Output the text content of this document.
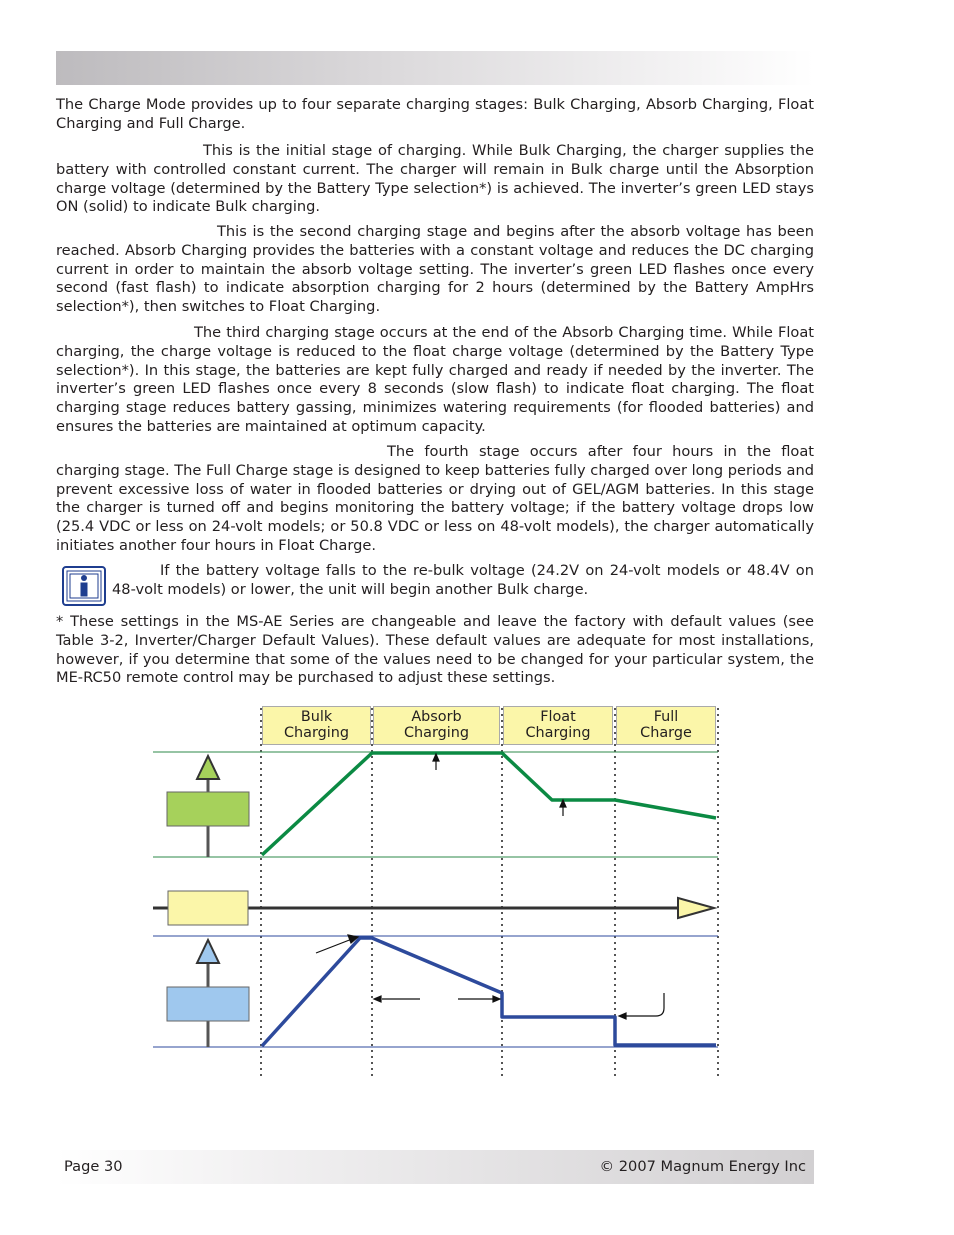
The Charge Mode provides up to four separate charging stages: Bulk Charging, Absorb Charging, Float Charging and Full Charge.

This is the initial stage of charging. While Bulk Charging, the charger supplies the battery with controlled constant current. The charger will remain in Bulk charge until the Absorption charge voltage (determined by the Battery Type selection*) is achieved. The inverter’s green LED stays ON (solid) to indicate Bulk charging.

This is the second charging stage and begins after the absorb voltage has been reached. Absorb Charging provides the batteries with a constant voltage and reduces the DC charging current in order to maintain the absorb voltage setting. The inverter’s green LED flashes once every second (fast flash) to indicate absorption charging for 2 hours (determined by the Battery AmpHrs selection*), then switches to Float Charging.

The third charging stage occurs at the end of the Absorb Charging time. While Float charging, the charge voltage is reduced to the float charge voltage (determined by the Battery Type selection*). In this stage, the batteries are kept fully charged and ready if needed by the inverter. The inverter’s green LED flashes once every 8 seconds (slow flash) to indicate float charging. The float charging stage reduces battery gassing, minimizes watering requirements (for flooded batteries) and ensures the batteries are maintained at optimum capacity.

The fourth stage occurs after four hours in the float charging stage. The Full Charge stage is designed to keep batteries fully charged over long periods and prevent excessive loss of water in flooded batteries or drying out of GEL/AGM batteries. In this stage the charger is turned off and begins monitoring the battery voltage; if the battery voltage drops low (25.4 VDC or less on 24-volt models; or 50.8 VDC or less on 48-volt models), the charger automatically initiates another four hours in Float Charge.

If the battery voltage falls to the re-bulk voltage (24.2V on 24-volt models or 48.4V on 48-volt models) or lower, the unit will begin another Bulk charge.

* These settings in the MS-AE Series are changeable and leave the factory with default values (see Table 3-2, Inverter/Charger Default Values). These default values are adequate for most installations, however, if you determine that some of the values need to be changed for your particular system, the ME-RC50 remote control may be purchased to adjust these settings.

Bulk
Charging
Absorb
Charging
Float
Charging
Full
Charge
Page 30	© 2007 Magnum Energy Inc
